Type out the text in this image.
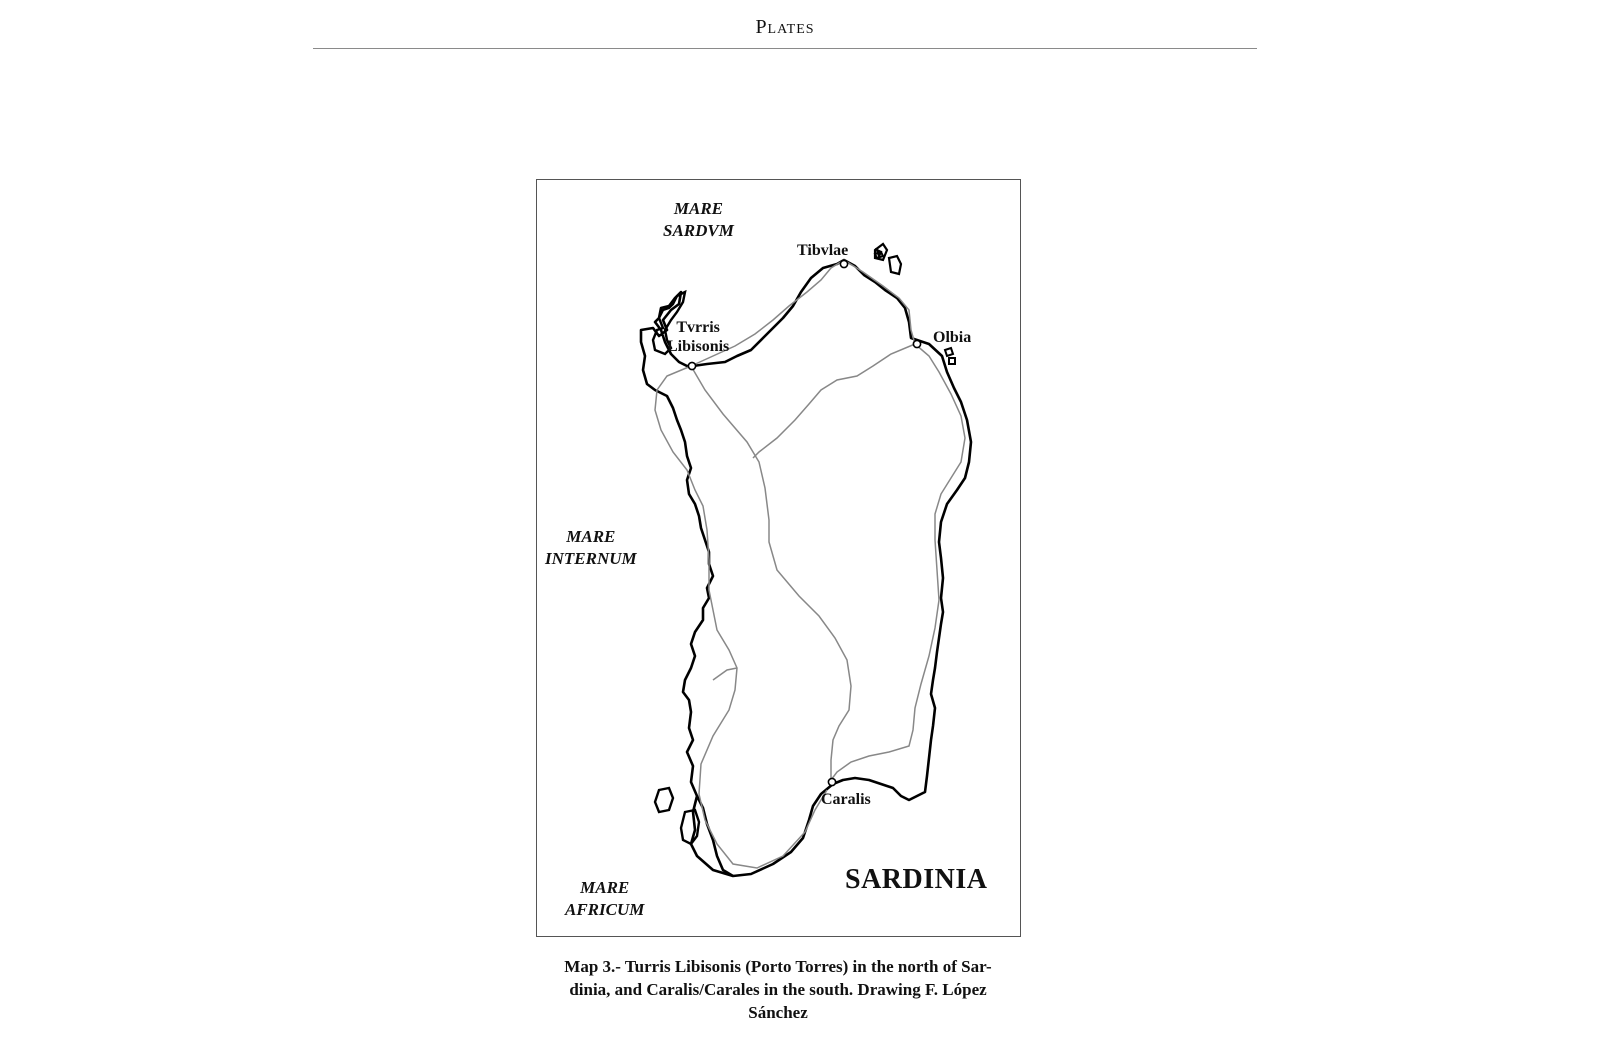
Plates
MARE
SARDVM
MARE
INTERNUM
MARE
AFRICUM
Tibvlae
Tvrris
Libisonis
Olbia
Caralis
SARDINIA
Map 3.- Turris Libisonis (Porto Torres) in the north of Sar-
dinia, and Caralis/Carales in the south. Drawing F. López
Sánchez
